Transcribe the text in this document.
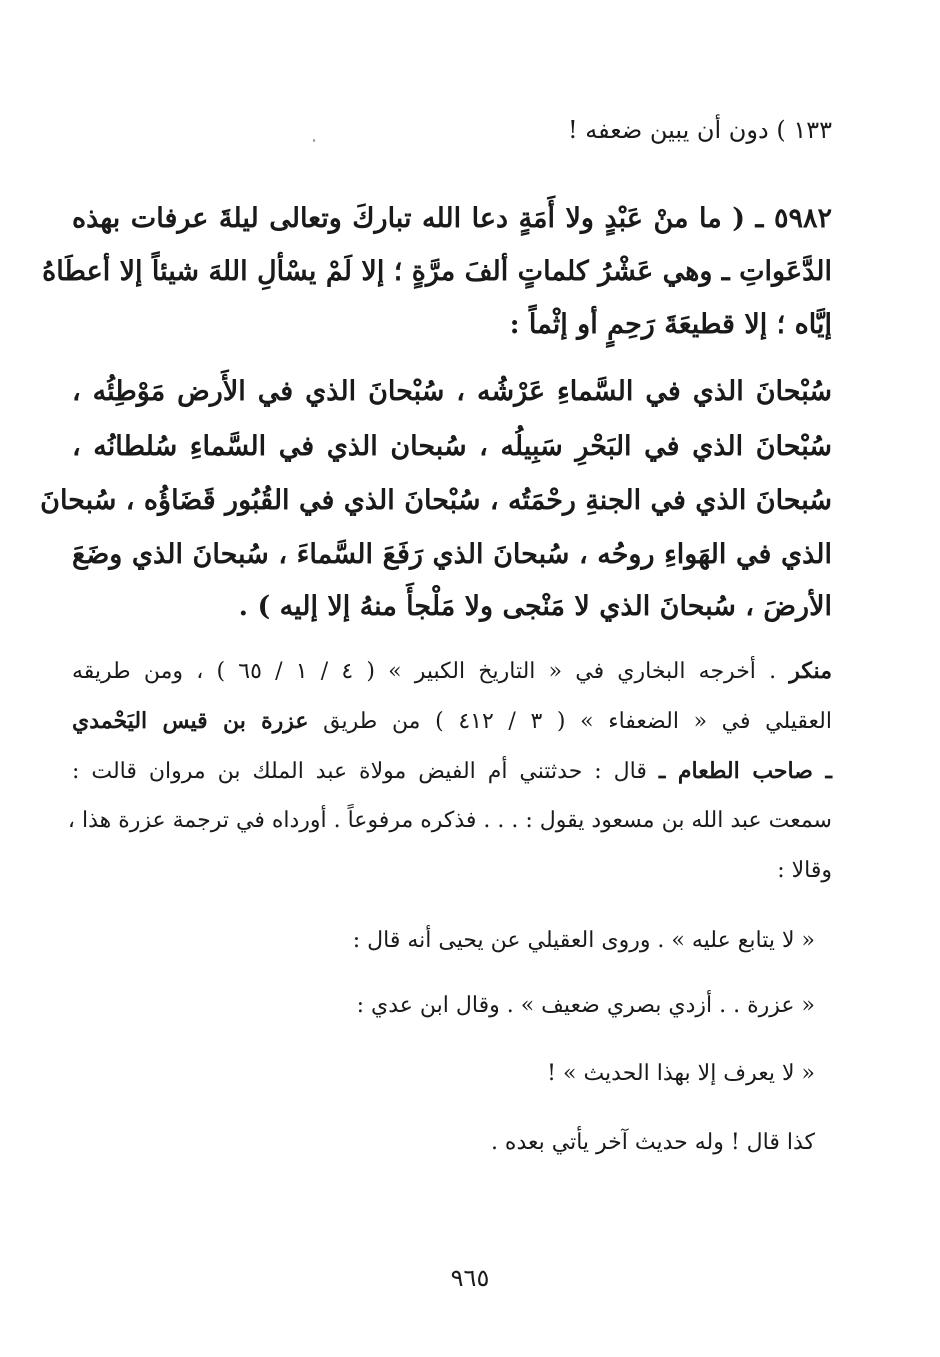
١٣٣ ) دون أن يبين ضعفه !
٥٩٨٢ ـ ( ما منْ عَبْدٍ ولا أَمَةٍ دعا الله تباركَ وتعالى ليلةَ عرفات بهذه
الدَّعَواتِ ـ وهي عَشْرُ كلماتٍ ألفَ مرَّةٍ ؛ إلا لَمْ يسْألِ اللهَ شيئاً إلا أعطَاهُ
إيَّاه ؛ إلا قطيعَةَ رَحِمٍ أو إثْماً :
سُبْحانَ الذي في السَّماءِ عَرْشُه ، سُبْحانَ الذي في الأَرض مَوْطِئُه ،
سُبْحانَ الذي في البَحْرِ سَبِيلُه ، سُبحان الذي في السَّماءِ سُلطانُه ،
سُبحانَ الذي في الجنةِ رحْمَتُه ، سُبْحانَ الذي في القُبُور قَضَاؤُه ، سُبحانَ
الذي في الهَواءِ روحُه ، سُبحانَ الذي رَفَعَ السَّماءَ ، سُبحانَ الذي وضَعَ
الأرضَ ، سُبحانَ الذي لا مَنْجى ولا مَلْجأَ منهُ إلا إليه ) .
منكر . أخرجه البخاري في « التاريخ الكبير » ( ٤ / ١ / ٦٥ ) ، ومن طريقه
العقيلي في « الضعفاء » ( ٣ / ٤١٢ ) من طريق عزرة بن قيس اليَحْمدي
ـ صاحب الطعام ـ قال : حدثتني أم الفيض مولاة عبد الملك بن مروان قالت :
سمعت عبد الله بن مسعود يقول : . . . فذكره مرفوعاً . أورداه في ترجمة عزرة هذا ،
وقالا :
« لا يتابع عليه » . وروى العقيلي عن يحيى أنه قال :
« عزرة . . أزدي بصري ضعيف » . وقال ابن عدي :
« لا يعرف إلا بهذا الحديث » !
كذا قال ! وله حديث آخر يأتي بعده .
٩٦٥
